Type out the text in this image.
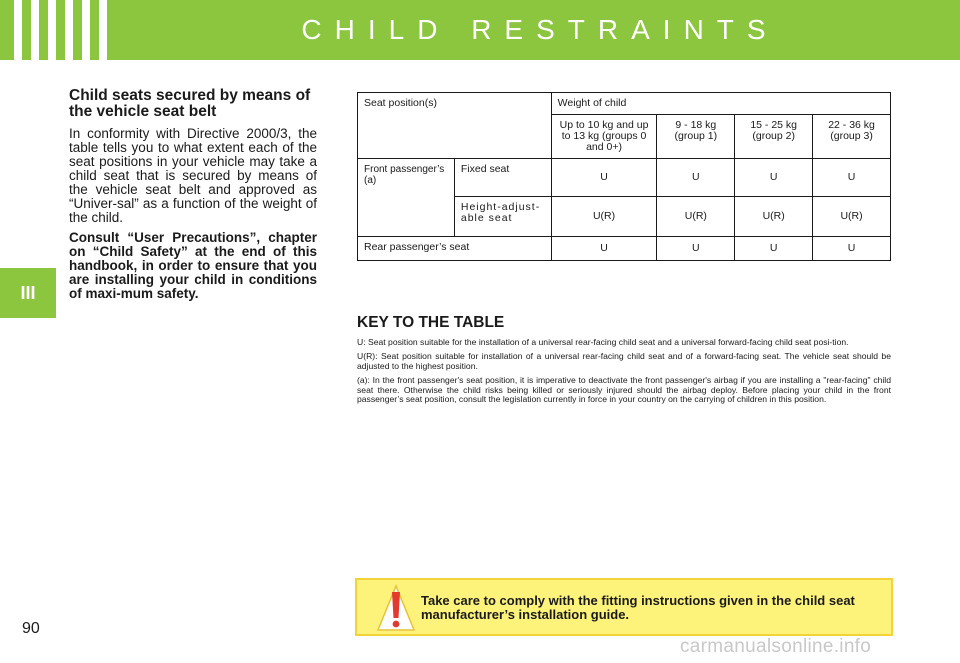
CHILD RESTRAINTS
III
Child seats secured by means of the vehicle seat belt

In conformity with Directive 2000/3, the table tells you to what extent each of the seat positions in your vehicle may take a child seat that is secured by means of the vehicle seat belt and approved as “Univer-sal” as a function of the weight of the child.

Consult “User Precautions”, chapter on “Child Safety” at the end of this handbook, in order to ensure that you are installing your child in conditions of maxi-mum safety.

Seat position(s)		Weight of child			
		Up to 10 kg and up to 13 kg (groups 0 and 0+)	9 - 18 kg (group 1)	15 - 25 kg (group 2)	22 - 36 kg (group 3)
Front passenger’s (a)	Fixed seat	U	U	U	U
	Height-adjust-able seat	U(R)	U(R)	U(R)	U(R)
Rear passenger’s seat		U	U	U	U
KEY TO THE TABLE

U: Seat position suitable for the installation of a universal rear-facing child seat and a universal forward-facing child seat posi-tion.

U(R): Seat position suitable for installation of a universal rear-facing child seat and of a forward-facing seat. The vehicle seat should be adjusted to the highest position.

(a): In the front passenger's seat position, it is imperative to deactivate the front passenger's airbag if you are installing a "rear-facing" child seat there. Otherwise the child risks being killed or seriously injured should the airbag deploy. Before placing your child in the front passenger’s seat position, consult the legislation currently in force in your country on the carrying of children in this position.

Take care to comply with the fitting instructions given in the child seat manufacturer’s installation guide.
90
carmanualsonline.info
